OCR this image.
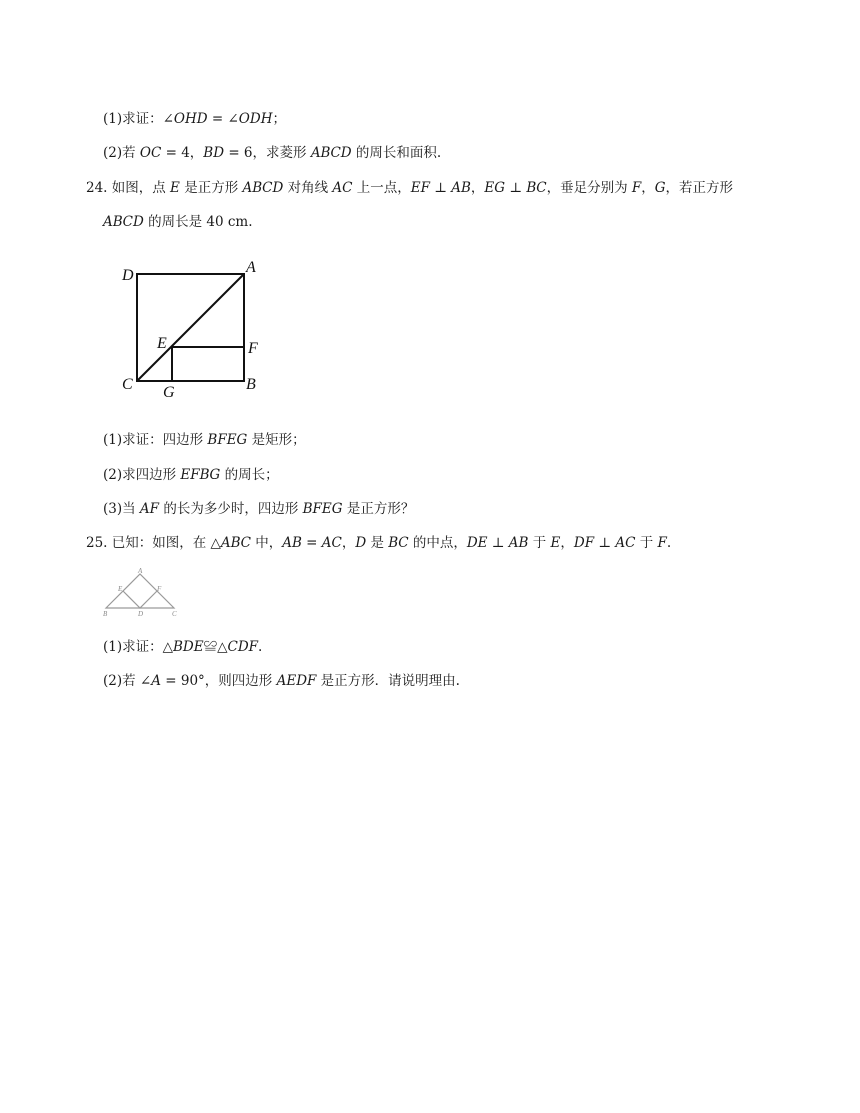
(1)求证：∠𝑂𝐻𝐷 = ∠𝑂𝐷𝐻；
(2)若 𝑂𝐶 = 4，𝐵𝐷 = 6，求菱形 𝐴𝐵𝐶𝐷 的周长和面积.
24. 如图，点 𝐸 是正方形 𝐴𝐵𝐶𝐷 对角线 𝐴𝐶 上一点，𝐸𝐹 ⊥ 𝐴𝐵，𝐸𝐺 ⊥ 𝐵𝐶，垂足分别为 𝐹，𝐺，若正方形
𝐴𝐵𝐶𝐷 的周长是 40 cm.
D	A
E	F
C G	B
(1)求证：四边形 𝐵𝐹𝐸𝐺 是矩形；
(2)求四边形 𝐸𝐹𝐵𝐺 的周长；
(3)当 𝐴𝐹 的长为多少时，四边形 𝐵𝐹𝐸𝐺 是正方形？
25. 已知：如图，在 △𝐴𝐵𝐶 中，𝐴𝐵 = 𝐴𝐶，𝐷 是 𝐵𝐶 的中点，𝐷𝐸 ⊥ 𝐴𝐵 于 𝐸，𝐷𝐹 ⊥ 𝐴𝐶 于 𝐹.
A
E	F
B	D	C
(1)求证：△𝐵𝐷𝐸≌△𝐶𝐷𝐹.
(2)若 ∠𝐴 = 90°，则四边形 𝐴𝐸𝐷𝐹 是正方形．请说明理由.
